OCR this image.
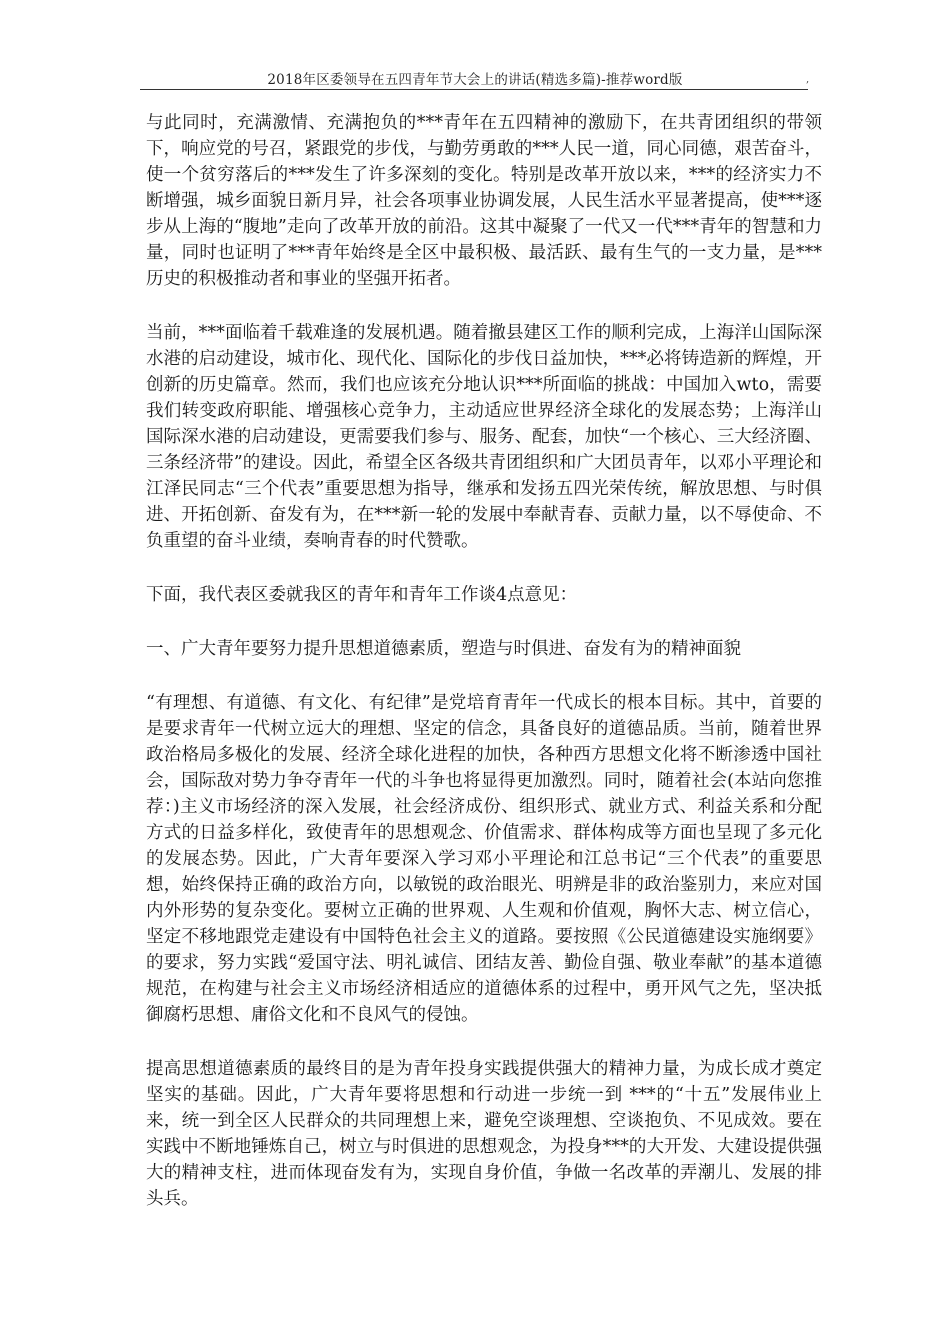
2018年区委领导在五四青年节大会上的讲话(精选多篇)-推荐word版	,

与此同时，充满激情、充满抱负的***青年在五四精神的激励下，在共青团组织的带领下，响应党的号召，紧跟党的步伐，与勤劳勇敢的***人民一道，同心同德，艰苦奋斗，使一个贫穷落后的***发生了许多深刻的变化。特别是改革开放以来，***的经济实力不断增强，城乡面貌日新月异，社会各项事业协调发展，人民生活水平显著提高，使***逐步从上海的“腹地”走向了改革开放的前沿。这其中凝聚了一代又一代***青年的智慧和力量，同时也证明了***青年始终是全区中最积极、最活跃、最有生气的一支力量，是***历史的积极推动者和事业的坚强开拓者。

当前，***面临着千载难逢的发展机遇。随着撤县建区工作的顺利完成，上海洋山国际深水港的启动建设，城市化、现代化、国际化的步伐日益加快，***必将铸造新的辉煌，开创新的历史篇章。然而，我们也应该充分地认识***所面临的挑战：中国加入wto，需要我们转变政府职能、增强核心竞争力，主动适应世界经济全球化的发展态势；上海洋山国际深水港的启动建设，更需要我们参与、服务、配套，加快“一个核心、三大经济圈、三条经济带”的建设。因此，希望全区各级共青团组织和广大团员青年，以邓小平理论和江泽民同志“三个代表”重要思想为指导，继承和发扬五四光荣传统，解放思想、与时俱进、开拓创新、奋发有为，在***新一轮的发展中奉献青春、贡献力量，以不辱使命、不负重望的奋斗业绩，奏响青春的时代赞歌。

下面，我代表区委就我区的青年和青年工作谈4点意见：

一、广大青年要努力提升思想道德素质，塑造与时俱进、奋发有为的精神面貌

“有理想、有道德、有文化、有纪律”是党培育青年一代成长的根本目标。其中，首要的是要求青年一代树立远大的理想、坚定的信念，具备良好的道德品质。当前，随着世界政治格局多极化的发展、经济全球化进程的加快，各种西方思想文化将不断渗透中国社会，国际敌对势力争夺青年一代的斗争也将显得更加激烈。同时，随着社会(本站向您推荐：)主义市场经济的深入发展，社会经济成份、组织形式、就业方式、利益关系和分配方式的日益多样化，致使青年的思想观念、价值需求、群体构成等方面也呈现了多元化的发展态势。因此，广大青年要深入学习邓小平理论和江总书记“三个代表”的重要思想，始终保持正确的政治方向，以敏锐的政治眼光、明辨是非的政治鉴别力，来应对国内外形势的复杂变化。要树立正确的世界观、人生观和价值观，胸怀大志、树立信心，坚定不移地跟党走建设有中国特色社会主义的道路。要按照《公民道德建设实施纲要》的要求，努力实践“爱国守法、明礼诚信、团结友善、勤俭自强、敬业奉献”的基本道德规范，在构建与社会主义市场经济相适应的道德体系的过程中，勇开风气之先，坚决抵御腐朽思想、庸俗文化和不良风气的侵蚀。

提高思想道德素质的最终目的是为青年投身实践提供强大的精神力量，为成长成才奠定坚实的基础。因此，广大青年要将思想和行动进一步统一到 ***的“十五”发展伟业上来，统一到全区人民群众的共同理想上来，避免空谈理想、空谈抱负、不见成效。要在实践中不断地锤炼自己，树立与时俱进的思想观念，为投身***的大开发、大建设提供强大的精神支柱，进而体现奋发有为，实现自身价值，争做一名改革的弄潮儿、发展的排头兵。
